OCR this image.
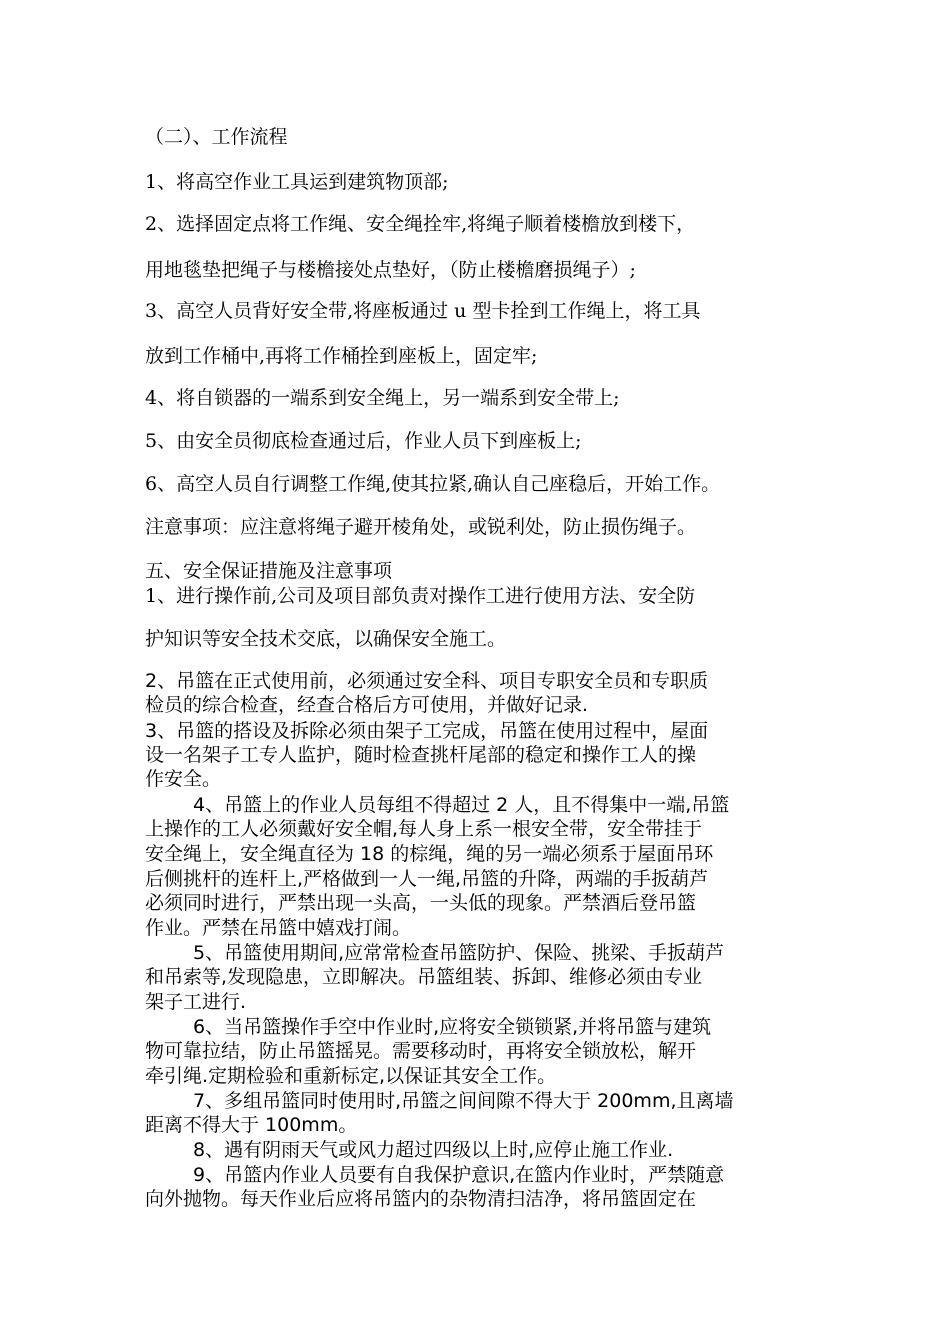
（二）、工作流程
1、将高空作业工具运到建筑物顶部;
2、选择固定点将工作绳、安全绳拴牢,将绳子顺着楼檐放到楼下，
用地毯垫把绳子与楼檐接处点垫好，（防止楼檐磨损绳子）;
3、高空人员背好安全带,将座板通过 u 型卡拴到工作绳上，将工具
放到工作桶中,再将工作桶拴到座板上，固定牢;
4、将自锁器的一端系到安全绳上，另一端系到安全带上;
5、由安全员彻底检查通过后，作业人员下到座板上;
6、高空人员自行调整工作绳,使其拉紧,确认自己座稳后，开始工作。
注意事项：应注意将绳子避开棱角处，或锐利处，防止损伤绳子。
五、安全保证措施及注意事项
1、进行操作前,公司及项目部负责对操作工进行使用方法、安全防
护知识等安全技术交底，以确保安全施工。
2、吊篮在正式使用前，必须通过安全科、项目专职安全员和专职质
检员的综合检查，经查合格后方可使用，并做好记录.
3、吊篮的搭设及拆除必须由架子工完成，吊篮在使用过程中，屋面
设一名架子工专人监护，随时检查挑杆尾部的稳定和操作工人的操
作安全。
4、吊篮上的作业人员每组不得超过 2 人，且不得集中一端,吊篮
上操作的工人必须戴好安全帽,每人身上系一根安全带，安全带挂于
安全绳上，安全绳直径为 18 的棕绳，绳的另一端必须系于屋面吊环
后侧挑杆的连杆上,严格做到一人一绳,吊篮的升降，两端的手扳葫芦
必须同时进行，严禁出现一头高，一头低的现象。严禁酒后登吊篮
作业。严禁在吊篮中嬉戏打闹。
5、吊篮使用期间,应常常检查吊篮防护、保险、挑梁、手扳葫芦
和吊索等,发现隐患，立即解决。吊篮组装、拆卸、维修必须由专业
架子工进行.
6、当吊篮操作手空中作业时,应将安全锁锁紧,并将吊篮与建筑
物可靠拉结，防止吊篮摇晃。需要移动时，再将安全锁放松，解开
牵引绳.定期检验和重新标定,以保证其安全工作。
7、多组吊篮同时使用时,吊篮之间间隙不得大于 200mm,且离墙
距离不得大于 100mm。
8、遇有阴雨天气或风力超过四级以上时,应停止施工作业.
9、吊篮内作业人员要有自我保护意识,在篮内作业时，严禁随意
向外抛物。每天作业后应将吊篮内的杂物清扫洁净，将吊篮固定在
